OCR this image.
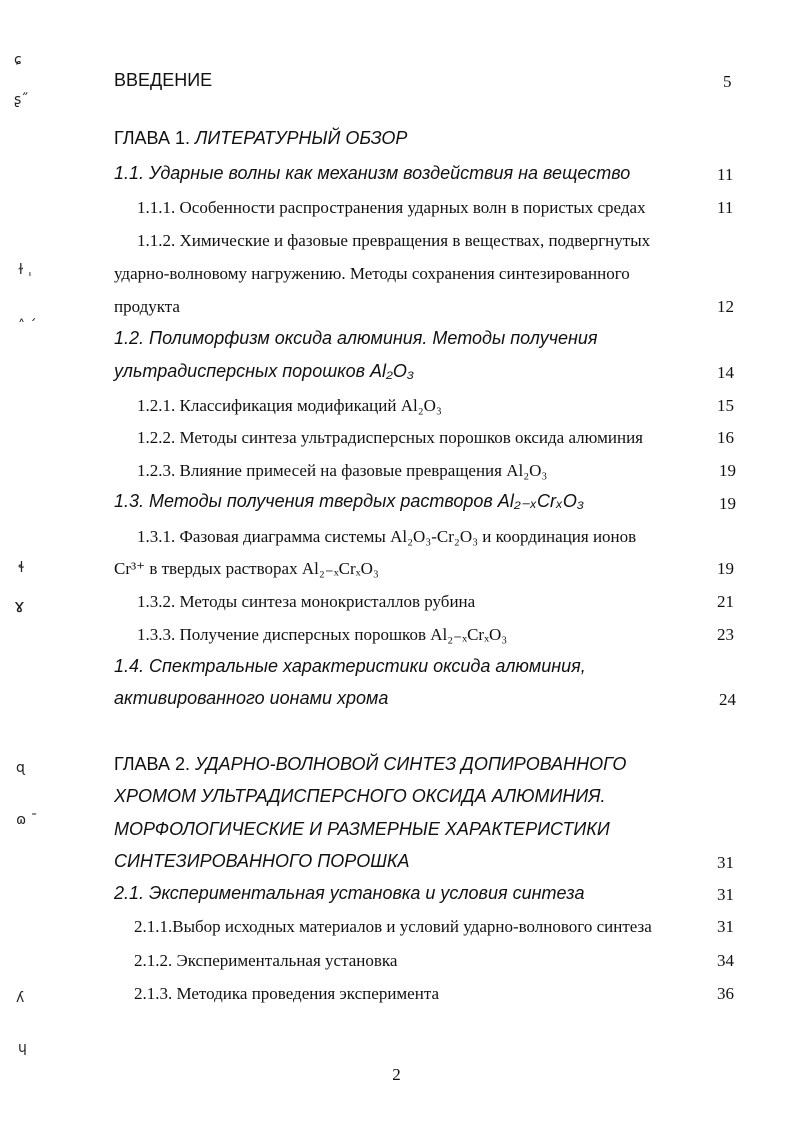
ɕ
ʂ˝
ɫ ˌ
˄ ˊ
ɬ
ɤ
ɋ
ɷ ˉ
ʎ
ɥ
ВВЕДЕНИЕ	5
ГЛАВА 1. ЛИТЕРАТУРНЫЙ ОБЗОР
1.1. Ударные волны как механизм воздействия на вещество	11
1.1.1. Особенности распространения ударных волн в пористых средах	11
1.1.2. Химические и фазовые превращения в веществах, подвергнутых
ударно-волновому нагружению. Методы сохранения синтезированного
продукта	12
1.2. Полиморфизм оксида алюминия. Методы получения
ультрадисперсных порошков Al₂O₃	14
1.2.1. Классификация модификаций Al₂O₃	15
1.2.2. Методы синтеза ультрадисперсных порошков оксида алюминия	16
1.2.3. Влияние примесей на фазовые превращения Al₂O₃	19
1.3. Методы получения твердых растворов Al₂₋ₓCrₓO₃	19
1.3.1. Фазовая диаграмма системы Al₂O₃-Cr₂O₃ и координация ионов
Cr³⁺ в твердых растворах Al₂₋ₓCrₓO₃	19
1.3.2. Методы синтеза монокристаллов рубина	21
1.3.3. Получение дисперсных порошков Al₂₋ₓCrₓO₃	23
1.4. Спектральные характеристики оксида алюминия,
активированного ионами хрома	24
ГЛАВА 2. УДАРНО-ВОЛНОВОЙ СИНТЕЗ ДОПИРОВАННОГО
ХРОМОМ УЛЬТРАДИСПЕРСНОГО ОКСИДА АЛЮМИНИЯ.
МОРФОЛОГИЧЕСКИЕ И РАЗМЕРНЫЕ ХАРАКТЕРИСТИКИ
СИНТЕЗИРОВАННОГО ПОРОШКА	31
2.1. Экспериментальная установка и условия синтеза	31
2.1.1.Выбор исходных материалов и условий ударно-волнового синтеза	31
2.1.2. Экспериментальная установка	34
2.1.3. Методика проведения эксперимента	36
2
